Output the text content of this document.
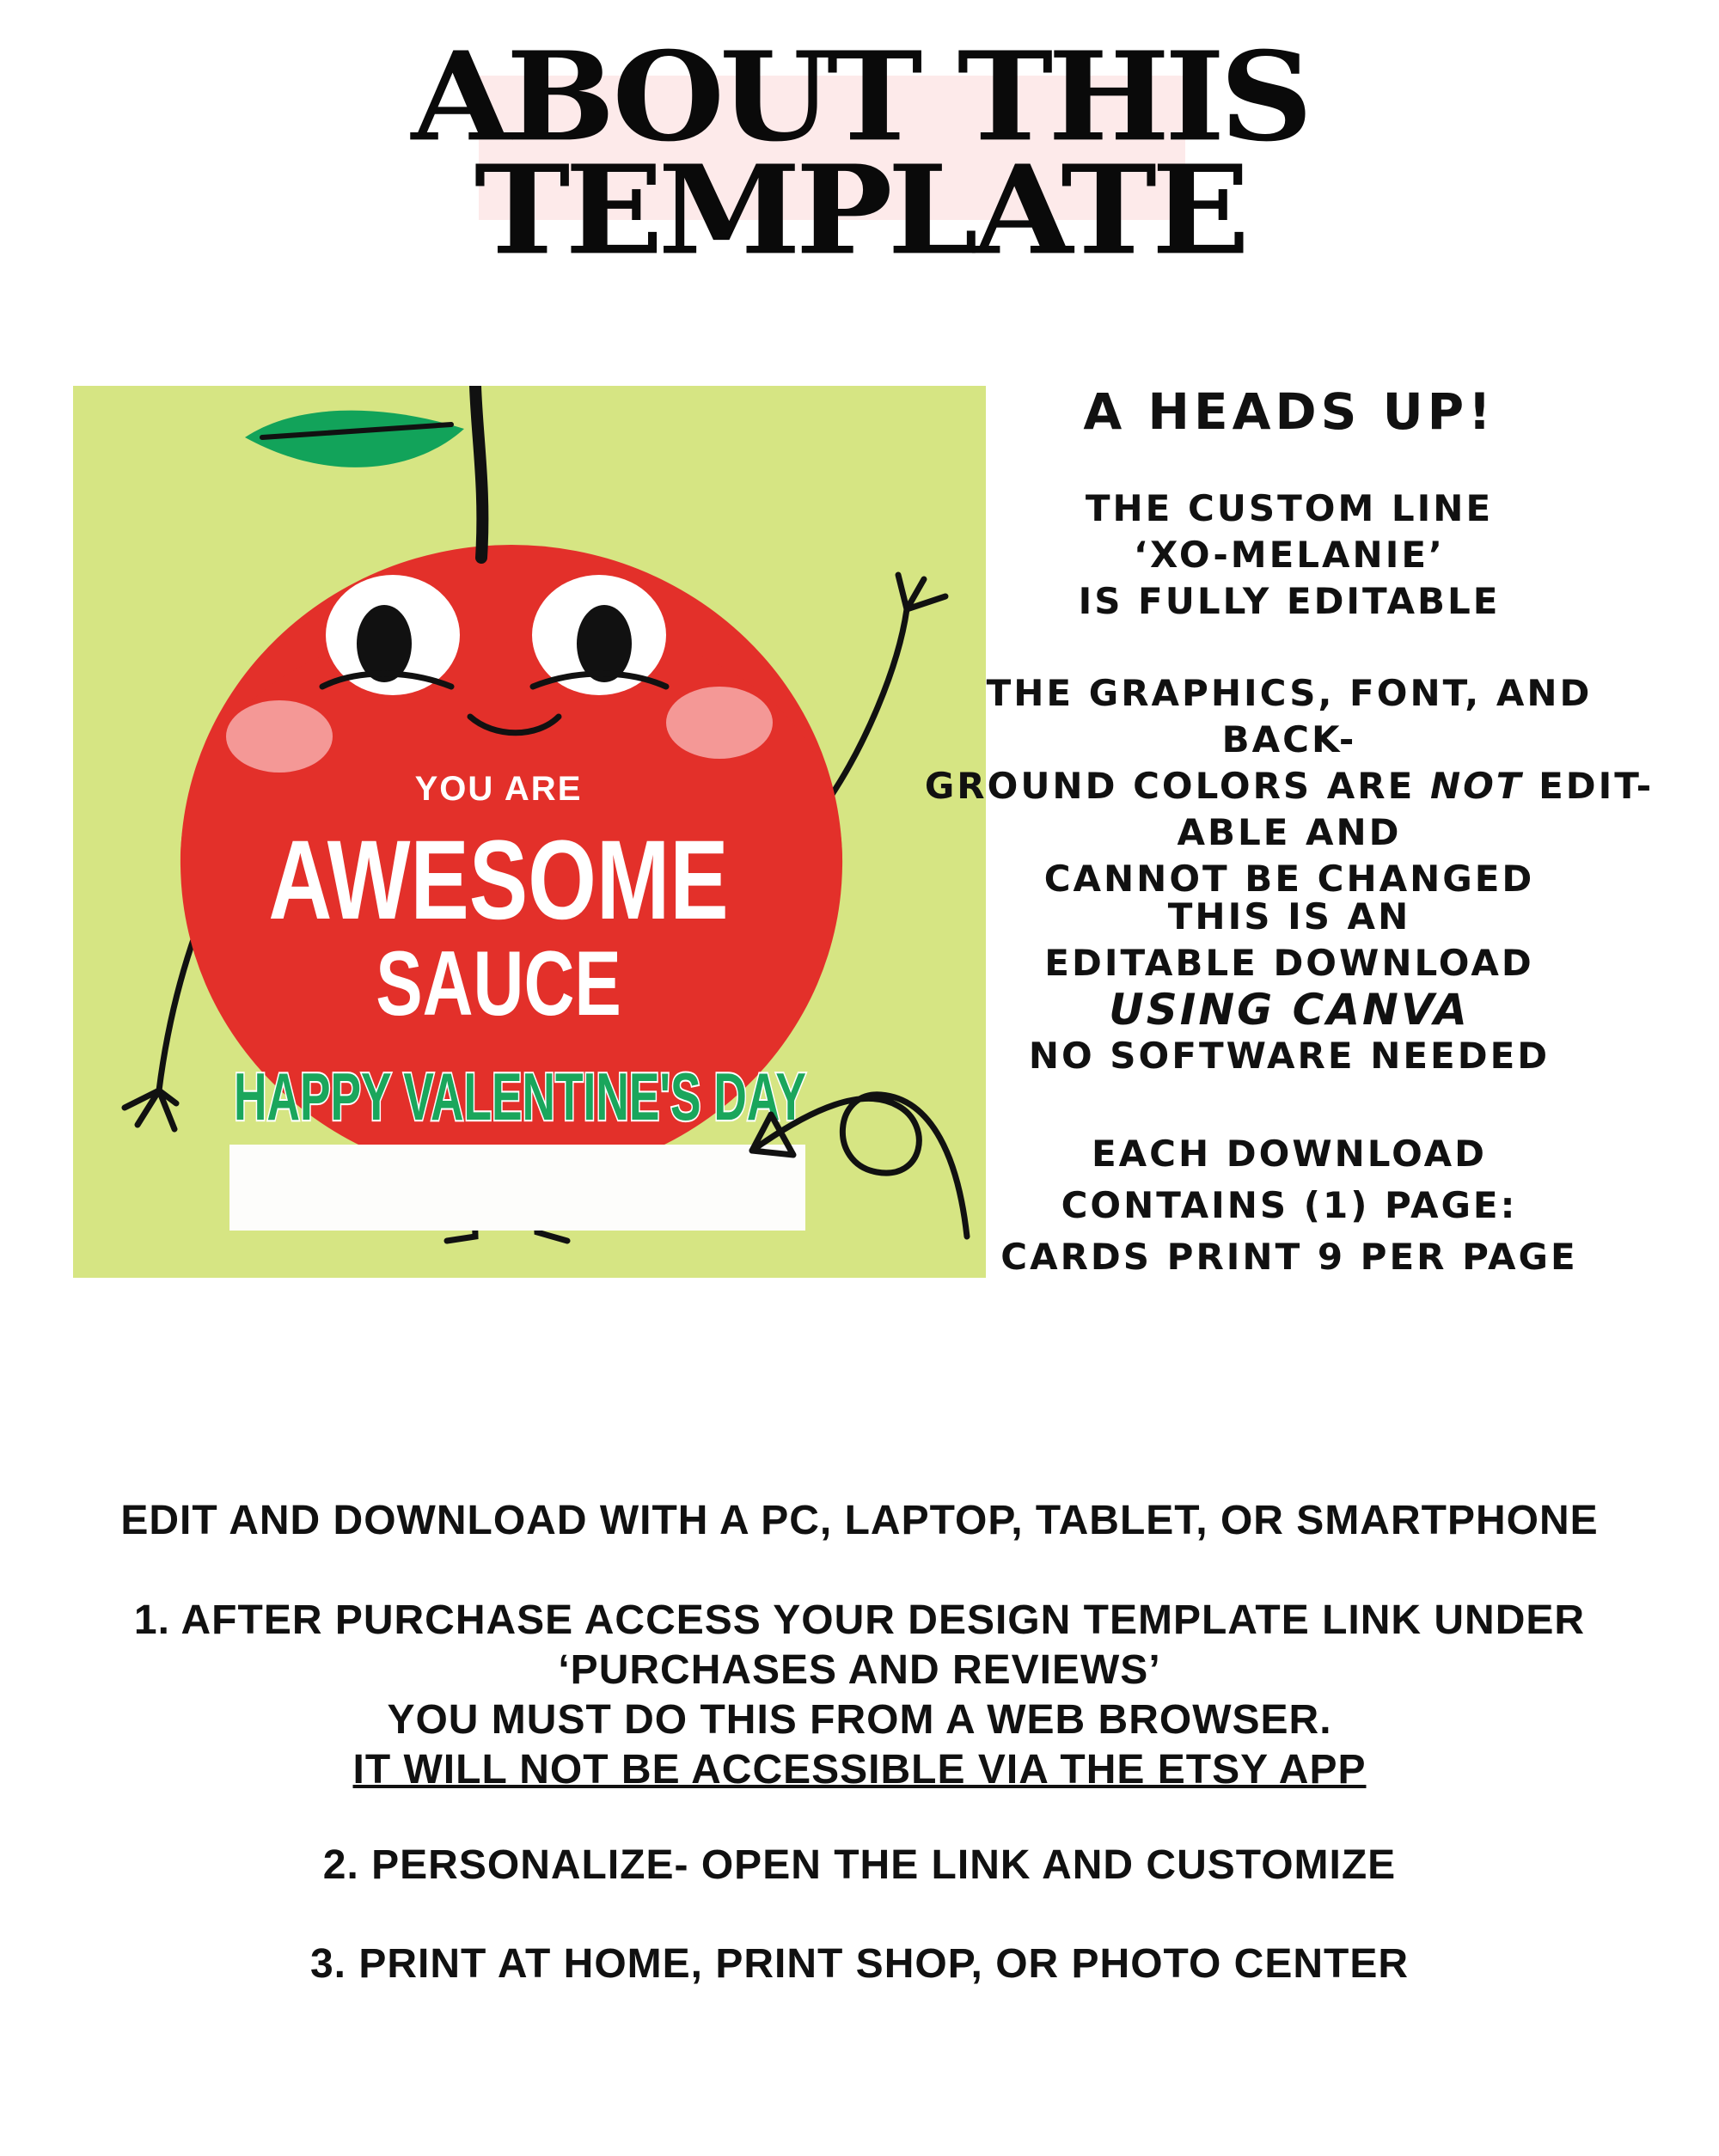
ABOUT THIS
TEMPLATE
YOU ARE
AWESOME
SAUCE
HAPPY VALENTINE'S DAY
A HEADS UP!
THE CUSTOM LINE
‘XO-MELANIE’
IS FULLY EDITABLE
THE GRAPHICS, FONT, AND BACK-
GROUND COLORS ARE NOT EDIT-
ABLE AND
CANNOT BE CHANGED
THIS IS AN
EDITABLE DOWNLOAD
USING CANVA
NO SOFTWARE NEEDED
EACH DOWNLOAD
CONTAINS (1) PAGE:
CARDS PRINT 9 PER PAGE
EDIT AND DOWNLOAD WITH A PC, LAPTOP, TABLET, OR SMARTPHONE
1. AFTER PURCHASE ACCESS YOUR DESIGN TEMPLATE LINK UNDER
‘PURCHASES AND REVIEWS’
YOU MUST DO THIS FROM A WEB BROWSER.
IT WILL NOT BE ACCESSIBLE VIA THE ETSY APP
2. PERSONALIZE- OPEN THE LINK AND CUSTOMIZE
3. PRINT AT HOME, PRINT SHOP, OR PHOTO CENTER
